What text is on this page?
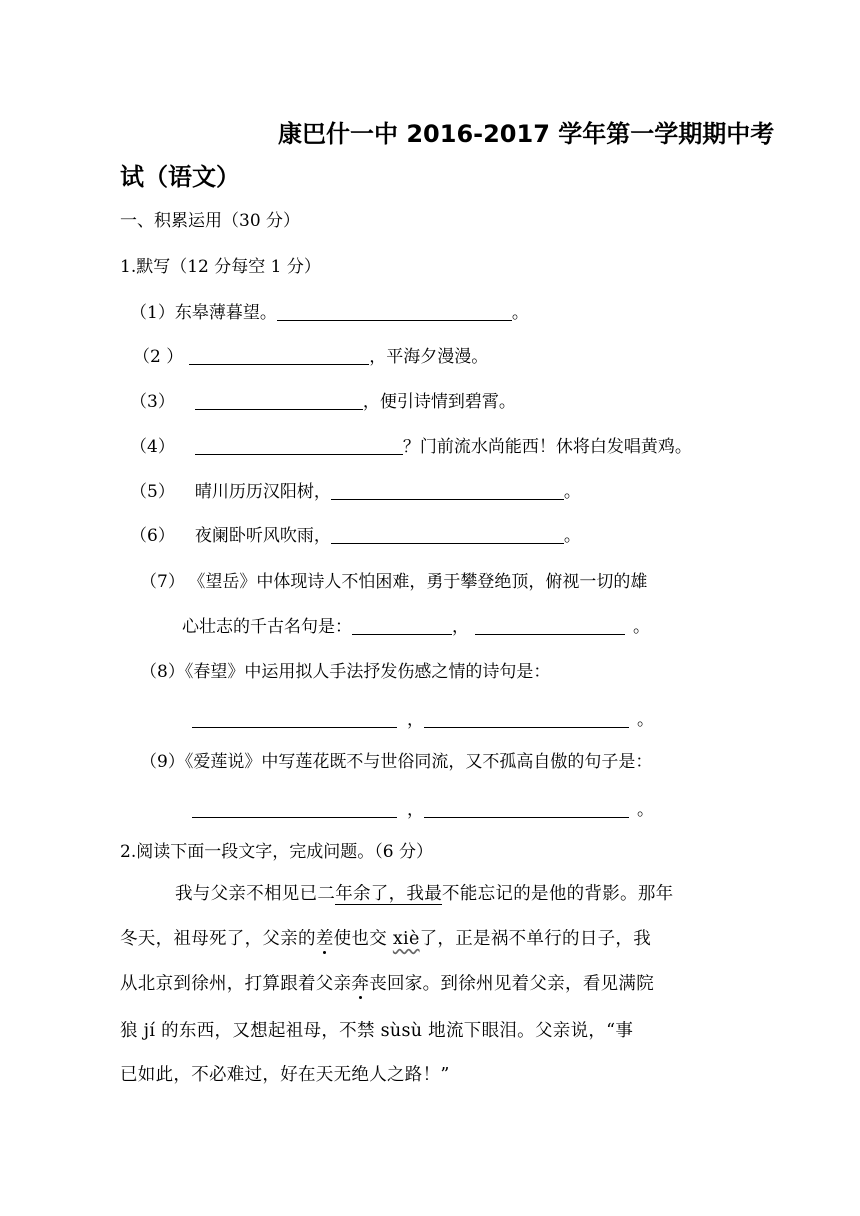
康巴什一中 2016-2017 学年第一学期期中考
试（语文）
一、积累运用（30 分）
1.默写（12 分每空 1 分）
（1）东皋薄暮望。	。
（2 ）	，平海夕漫漫。
（3）	，便引诗情到碧霄。
（4）	？门前流水尚能西！休将白发唱黄鸡。
（5） 晴川历历汉阳树，	。
（6） 夜阑卧听风吹雨，	。
（7） 《望岳》中体现诗人不怕困难，勇于攀登绝顶，俯视一切的雄
心壮志的千古名句是：	，	。
（8）《春望》中运用拟人手法抒发伤感之情的诗句是：
，	。
（9）《爱莲说》中写莲花既不与世俗同流，又不孤高自傲的句子是：
，	。
2.阅读下面一段文字，完成问题。（6 分）
我与父亲不相见已二年余了，我最不能忘记的是他的背影。那年
冬天，祖母死了，父亲的差使也交 xiè了，正是祸不单行的日子，我
从北京到徐州，打算跟着父亲奔丧回家。到徐州见着父亲，看见满院
狼 jí 的东西，又想起祖母，不禁 sùsù 地流下眼泪。父亲说，“事
已如此，不必难过，好在天无绝人之路！”
